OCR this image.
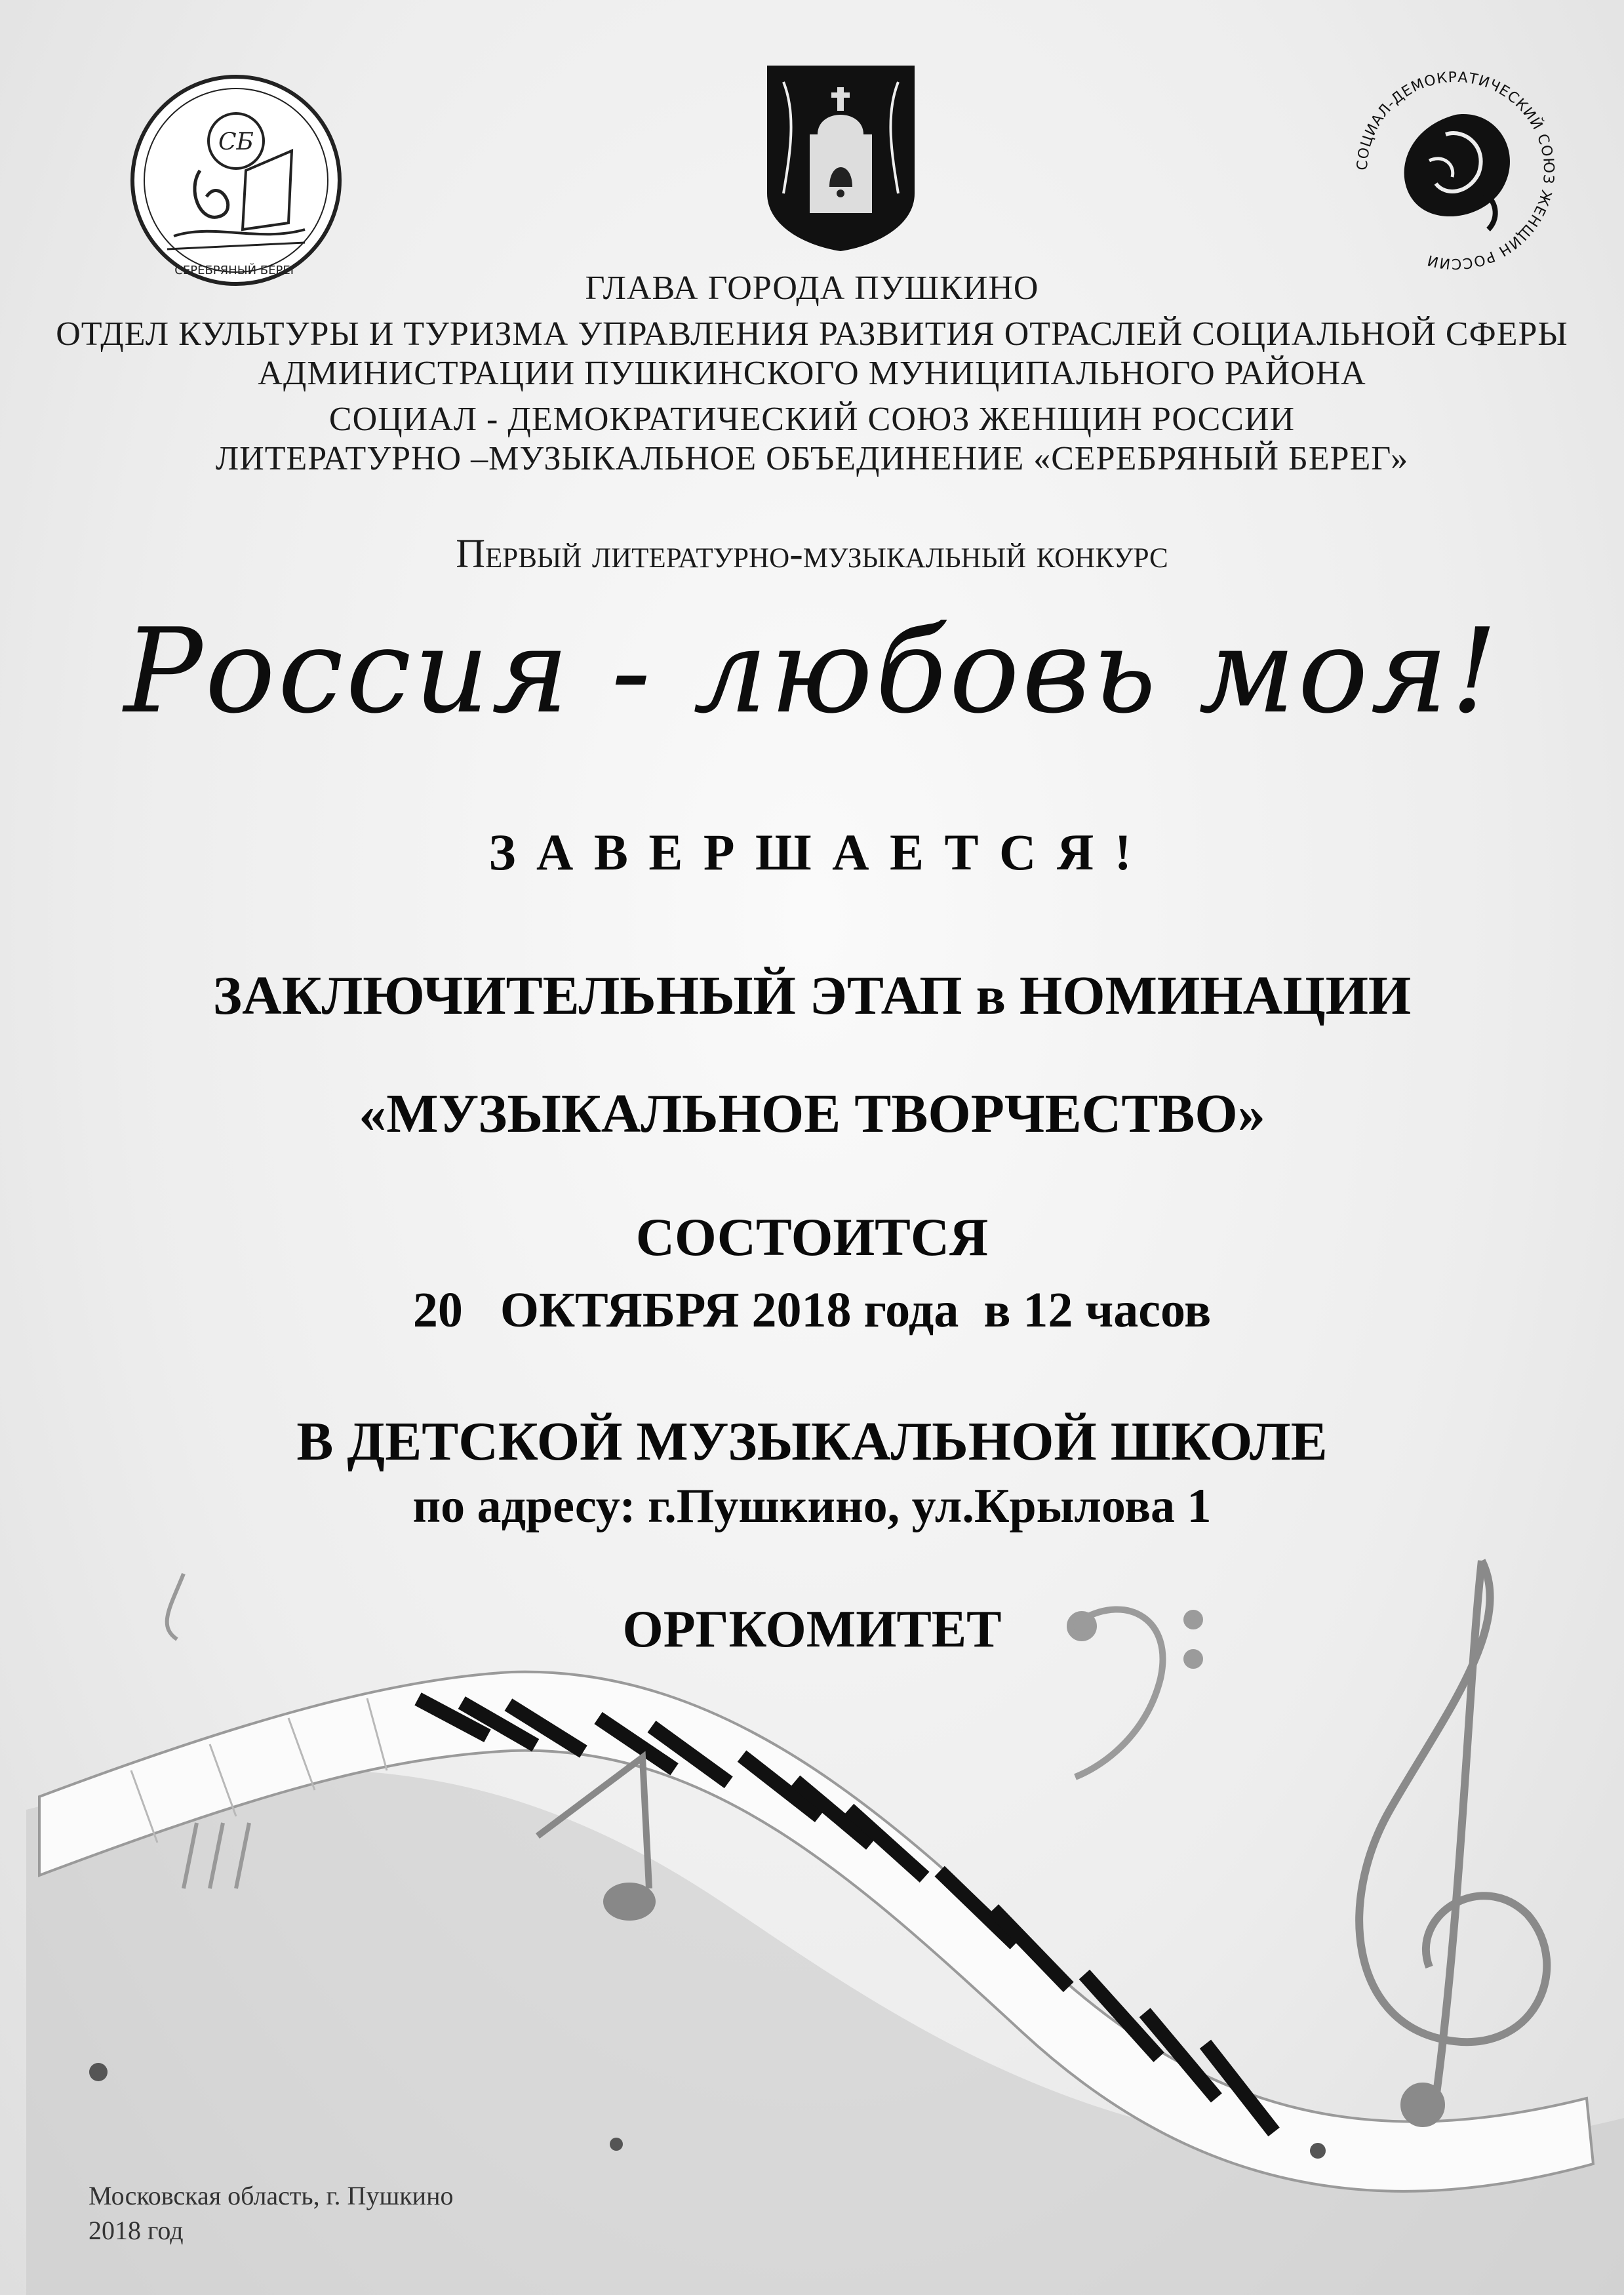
СБ
СЕРЕБРЯНЫЙ БЕРЕГ
СОЦИАЛ-ДЕМОКРАТИЧЕСКИЙ СОЮЗ ЖЕНЩИН РОССИИ
ГЛАВА ГОРОДА ПУШКИНО
ОТДЕЛ КУЛЬТУРЫ И ТУРИЗМА УПРАВЛЕНИЯ РАЗВИТИЯ ОТРАСЛЕЙ СОЦИАЛЬНОЙ СФЕРЫ
АДМИНИСТРАЦИИ ПУШКИНСКОГО МУНИЦИПАЛЬНОГО РАЙОНА
СОЦИАЛ - ДЕМОКРАТИЧЕСКИЙ СОЮЗ ЖЕНЩИН РОССИИ
ЛИТЕРАТУРНО –МУЗЫКАЛЬНОЕ ОБЪЕДИНЕНИЕ «СЕРЕБРЯНЫЙ БЕРЕГ»
Первый литературно-музыкальный конкурс
Россия - любовь моя!
З А В Е Р Ш А Е Т С Я !
ЗАКЛЮЧИТЕЛЬНЫЙ ЭТАП в НОМИНАЦИИ
«МУЗЫКАЛЬНОЕ ТВОРЧЕСТВО»
СОСТОИТСЯ
20   ОКТЯБРЯ 2018 года  в 12 часов
В ДЕТСКОЙ МУЗЫКАЛЬНОЙ ШКОЛЕ
по адресу: г.Пушкино, ул.Крылова 1
ОРГКОМИТЕТ
Московская область, г. Пушкино
2018 год
